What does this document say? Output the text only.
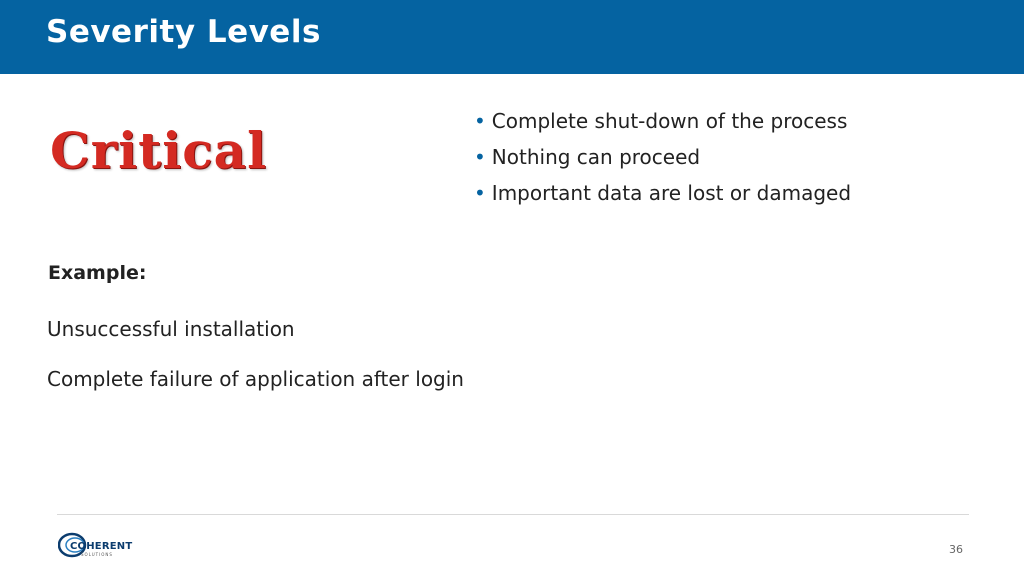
Severity Levels
Critical	• Complete shut-down of the process
• Nothing can proceed
• Important data are lost or damaged
Example:
Unsuccessful installation
Complete failure of application after login
COHERENT
SOLUTIONS	36
